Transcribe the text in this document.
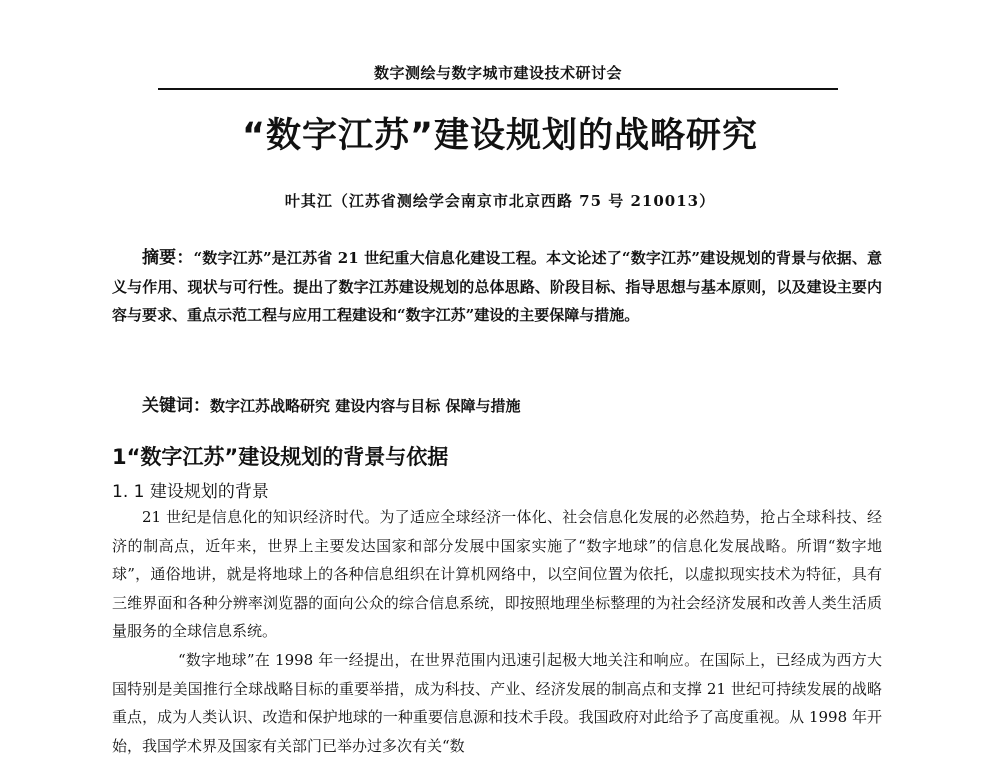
数字测绘与数字城市建设技术研讨会
“数字江苏”建设规划的战略研究
叶其江（江苏省测绘学会南京市北京西路 75 号 210013）
摘要：“数字江苏”是江苏省 21 世纪重大信息化建设工程。本文论述了“数字江苏”建设规划的背景与依据、意义与作用、现状与可行性。提出了数字江苏建设规划的总体思路、阶段目标、指导思想与基本原则，以及建设主要内容与要求、重点示范工程与应用工程建设和“数字江苏”建设的主要保障与措施。
关键词：数字江苏战略研究 建设内容与目标 保障与措施
1“数字江苏”建设规划的背景与依据
1. 1 建设规划的背景
21 世纪是信息化的知识经济时代。为了适应全球经济一体化、社会信息化发展的必然趋势，抢占全球科技、经济的制高点，近年来，世界上主要发达国家和部分发展中国家实施了“数字地球”的信息化发展战略。所谓“数字地球”，通俗地讲，就是将地球上的各种信息组织在计算机网络中，以空间位置为依托，以虚拟现实技术为特征，具有三维界面和各种分辨率浏览器的面向公众的综合信息系统，即按照地理坐标整理的为社会经济发展和改善人类生活质量服务的全球信息系统。
“数字地球”在 1998 年一经提出，在世界范围内迅速引起极大地关注和响应。在国际上，已经成为西方大国特别是美国推行全球战略目标的重要举措，成为科技、产业、经济发展的制高点和支撑 21 世纪可持续发展的战略重点，成为人类认识、改造和保护地球的一种重要信息源和技术手段。我国政府对此给予了高度重视。从 1998 年开始，我国学术界及国家有关部门已举办过多次有关“数
